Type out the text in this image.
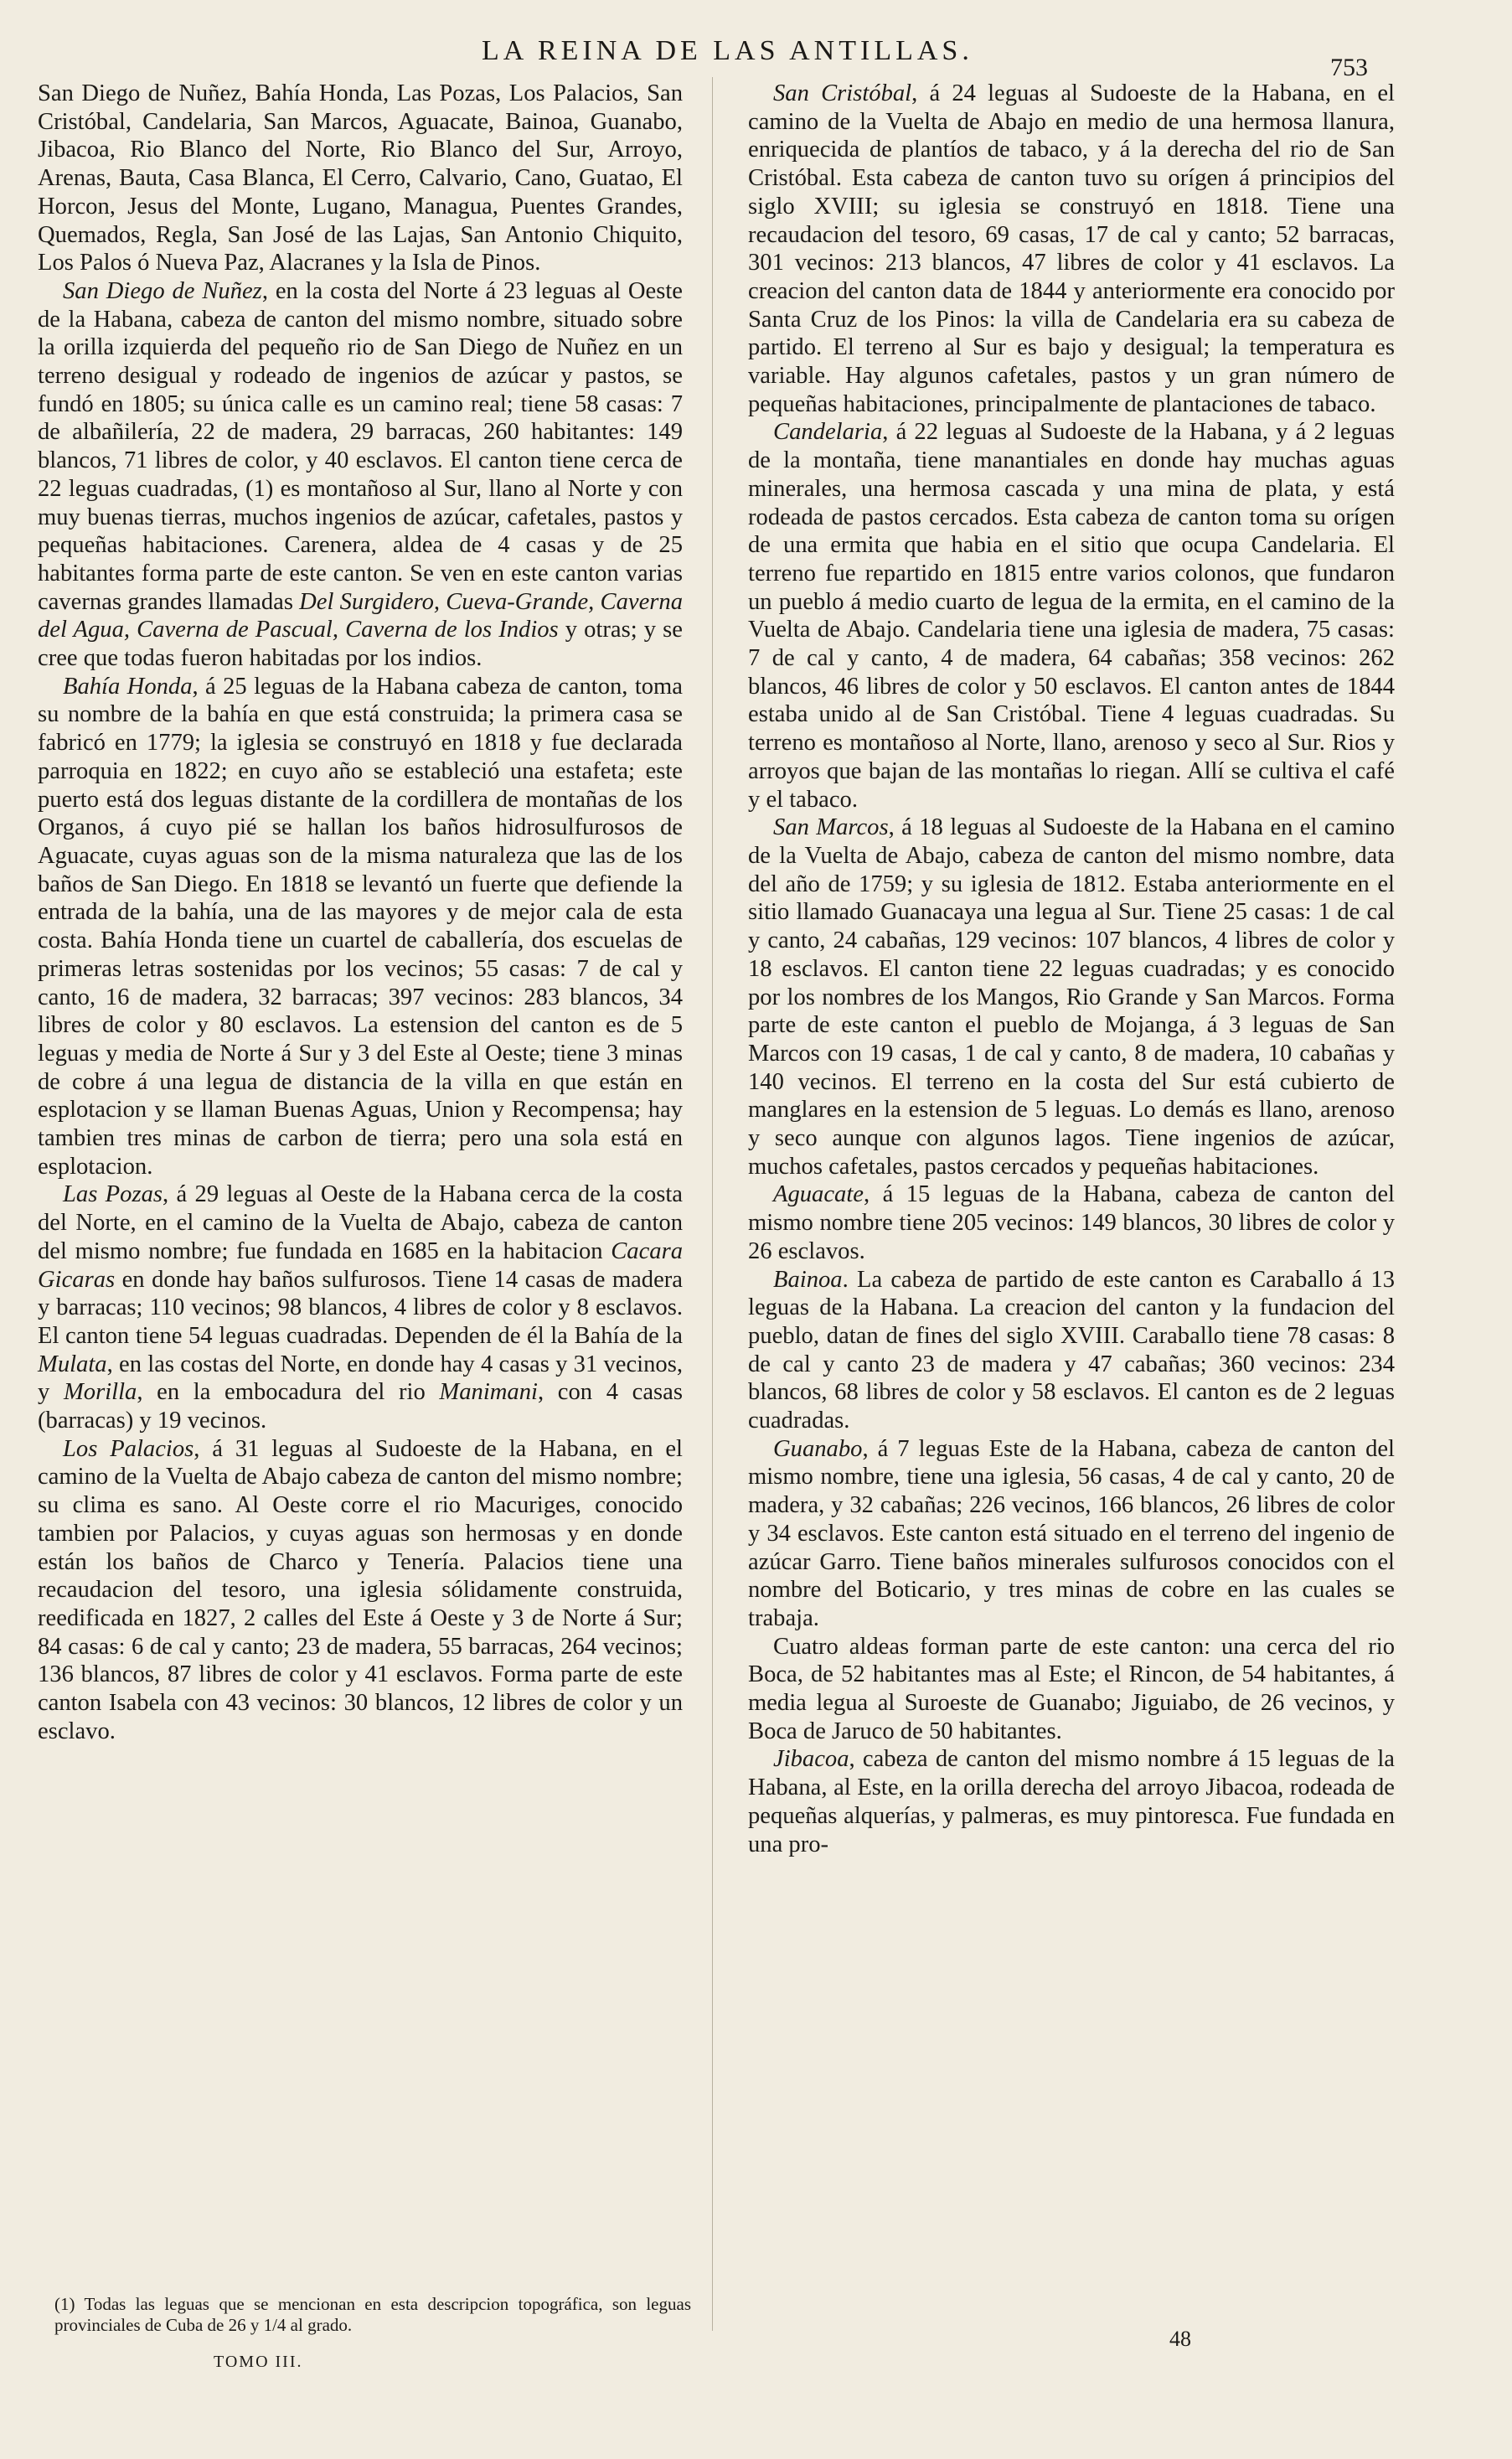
LA REINA DE LAS ANTILLAS.
753

San Diego de Nuñez, Bahía Honda, Las Pozas, Los Palacios, San Cristóbal, Candelaria, San Marcos, Aguacate, Bainoa, Guanabo, Jibacoa, Rio Blanco del Norte, Rio Blanco del Sur, Arroyo, Arenas, Bauta, Casa Blanca, El Cerro, Calvario, Cano, Guatao, El Horcon, Jesus del Monte, Lugano, Managua, Puentes Grandes, Quemados, Regla, San José de las Lajas, San Antonio Chiquito, Los Palos ó Nueva Paz, Alacranes y la Isla de Pinos.

San Diego de Nuñez, en la costa del Norte á 23 leguas al Oeste de la Habana, cabeza de canton del mismo nombre, situado sobre la orilla izquierda del pequeño rio de San Diego de Nuñez en un terreno desigual y rodeado de ingenios de azúcar y pastos, se fundó en 1805; su única calle es un camino real; tiene 58 casas: 7 de albañilería, 22 de madera, 29 barracas, 260 habitantes: 149 blancos, 71 libres de color, y 40 esclavos. El canton tiene cerca de 22 leguas cuadradas, (1) es montañoso al Sur, llano al Norte y con muy buenas tierras, muchos ingenios de azúcar, cafetales, pastos y pequeñas habitaciones. Carenera, aldea de 4 casas y de 25 habitantes forma parte de este canton. Se ven en este canton varias cavernas grandes llamadas Del Surgidero, Cueva-Grande, Caverna del Agua, Caverna de Pascual, Caverna de los Indios y otras; y se cree que todas fueron habitadas por los indios.

Bahía Honda, á 25 leguas de la Habana cabeza de canton, toma su nombre de la bahía en que está construida; la primera casa se fabricó en 1779; la iglesia se construyó en 1818 y fue declarada parroquia en 1822; en cuyo año se estableció una estafeta; este puerto está dos leguas distante de la cordillera de montañas de los Organos, á cuyo pié se hallan los baños hidrosulfurosos de Aguacate, cuyas aguas son de la misma naturaleza que las de los baños de San Diego. En 1818 se levantó un fuerte que defiende la entrada de la bahía, una de las mayores y de mejor cala de esta costa. Bahía Honda tiene un cuartel de caballería, dos escuelas de primeras letras sostenidas por los vecinos; 55 casas: 7 de cal y canto, 16 de madera, 32 barracas; 397 vecinos: 283 blancos, 34 libres de color y 80 esclavos. La estension del canton es de 5 leguas y media de Norte á Sur y 3 del Este al Oeste; tiene 3 minas de cobre á una legua de distancia de la villa en que están en esplotacion y se llaman Buenas Aguas, Union y Recompensa; hay tambien tres minas de carbon de tierra; pero una sola está en esplotacion.

Las Pozas, á 29 leguas al Oeste de la Habana cerca de la costa del Norte, en el camino de la Vuelta de Abajo, cabeza de canton del mismo nombre; fue fundada en 1685 en la habitacion Cacara Gicaras en donde hay baños sulfurosos. Tiene 14 casas de madera y barracas; 110 vecinos; 98 blancos, 4 libres de color y 8 esclavos. El canton tiene 54 leguas cuadradas. Dependen de él la Bahía de la Mulata, en las costas del Norte, en donde hay 4 casas y 31 vecinos, y Morilla, en la embocadura del rio Manimani, con 4 casas (barracas) y 19 vecinos.

Los Palacios, á 31 leguas al Sudoeste de la Habana, en el camino de la Vuelta de Abajo cabeza de canton del mismo nombre; su clima es sano. Al Oeste corre el rio Macuriges, conocido tambien por Palacios, y cuyas aguas son hermosas y en donde están los baños de Charco y Tenería. Palacios tiene una recaudacion del tesoro, una iglesia sólidamente construida, reedificada en 1827, 2 calles del Este á Oeste y 3 de Norte á Sur; 84 casas: 6 de cal y canto; 23 de madera, 55 barracas, 264 vecinos; 136 blancos, 87 libres de color y 41 esclavos. Forma parte de este canton Isabela con 43 vecinos: 30 blancos, 12 libres de color y un esclavo.

San Cristóbal, á 24 leguas al Sudoeste de la Habana, en el camino de la Vuelta de Abajo en medio de una hermosa llanura, enriquecida de plantíos de tabaco, y á la derecha del rio de San Cristóbal. Esta cabeza de canton tuvo su orígen á principios del siglo XVIII; su iglesia se construyó en 1818. Tiene una recaudacion del tesoro, 69 casas, 17 de cal y canto; 52 barracas, 301 vecinos: 213 blancos, 47 libres de color y 41 esclavos. La creacion del canton data de 1844 y anteriormente era conocido por Santa Cruz de los Pinos: la villa de Candelaria era su cabeza de partido. El terreno al Sur es bajo y desigual; la temperatura es variable. Hay algunos cafetales, pastos y un gran número de pequeñas habitaciones, principalmente de plantaciones de tabaco.

Candelaria, á 22 leguas al Sudoeste de la Habana, y á 2 leguas de la montaña, tiene manantiales en donde hay muchas aguas minerales, una hermosa cascada y una mina de plata, y está rodeada de pastos cercados. Esta cabeza de canton toma su orígen de una ermita que habia en el sitio que ocupa Candelaria. El terreno fue repartido en 1815 entre varios colonos, que fundaron un pueblo á medio cuarto de legua de la ermita, en el camino de la Vuelta de Abajo. Candelaria tiene una iglesia de madera, 75 casas: 7 de cal y canto, 4 de madera, 64 cabañas; 358 vecinos: 262 blancos, 46 libres de color y 50 esclavos. El canton antes de 1844 estaba unido al de San Cristóbal. Tiene 4 leguas cuadradas. Su terreno es montañoso al Norte, llano, arenoso y seco al Sur. Rios y arroyos que bajan de las montañas lo riegan. Allí se cultiva el café y el tabaco.

San Marcos, á 18 leguas al Sudoeste de la Habana en el camino de la Vuelta de Abajo, cabeza de canton del mismo nombre, data del año de 1759; y su iglesia de 1812. Estaba anteriormente en el sitio llamado Guanacaya una legua al Sur. Tiene 25 casas: 1 de cal y canto, 24 cabañas, 129 vecinos: 107 blancos, 4 libres de color y 18 esclavos. El canton tiene 22 leguas cuadradas; y es conocido por los nombres de los Mangos, Rio Grande y San Marcos. Forma parte de este canton el pueblo de Mojanga, á 3 leguas de San Marcos con 19 casas, 1 de cal y canto, 8 de madera, 10 cabañas y 140 vecinos. El terreno en la costa del Sur está cubierto de manglares en la estension de 5 leguas. Lo demás es llano, arenoso y seco aunque con algunos lagos. Tiene ingenios de azúcar, muchos cafetales, pastos cercados y pequeñas habitaciones.

Aguacate, á 15 leguas de la Habana, cabeza de canton del mismo nombre tiene 205 vecinos: 149 blancos, 30 libres de color y 26 esclavos.

Bainoa. La cabeza de partido de este canton es Caraballo á 13 leguas de la Habana. La creacion del canton y la fundacion del pueblo, datan de fines del siglo XVIII. Caraballo tiene 78 casas: 8 de cal y canto 23 de madera y 47 cabañas; 360 vecinos: 234 blancos, 68 libres de color y 58 esclavos. El canton es de 2 leguas cuadradas.

Guanabo, á 7 leguas Este de la Habana, cabeza de canton del mismo nombre, tiene una iglesia, 56 casas, 4 de cal y canto, 20 de madera, y 32 cabañas; 226 vecinos, 166 blancos, 26 libres de color y 34 esclavos. Este canton está situado en el terreno del ingenio de azúcar Garro. Tiene baños minerales sulfurosos conocidos con el nombre del Boticario, y tres minas de cobre en las cuales se trabaja.

Cuatro aldeas forman parte de este canton: una cerca del rio Boca, de 52 habitantes mas al Este; el Rincon, de 54 habitantes, á media legua al Suroeste de Guanabo; Jiguiabo, de 26 vecinos, y Boca de Jaruco de 50 habitantes.

Jibacoa, cabeza de canton del mismo nombre á 15 leguas de la Habana, al Este, en la orilla derecha del arroyo Jibacoa, rodeada de pequeñas alquerías, y palmeras, es muy pintoresca. Fue fundada en una pro-

(1) Todas las leguas que se mencionan en esta descripcion topográfica, son leguas provinciales de Cuba de 26 y 1/4 al grado.
TOMO III.
48
